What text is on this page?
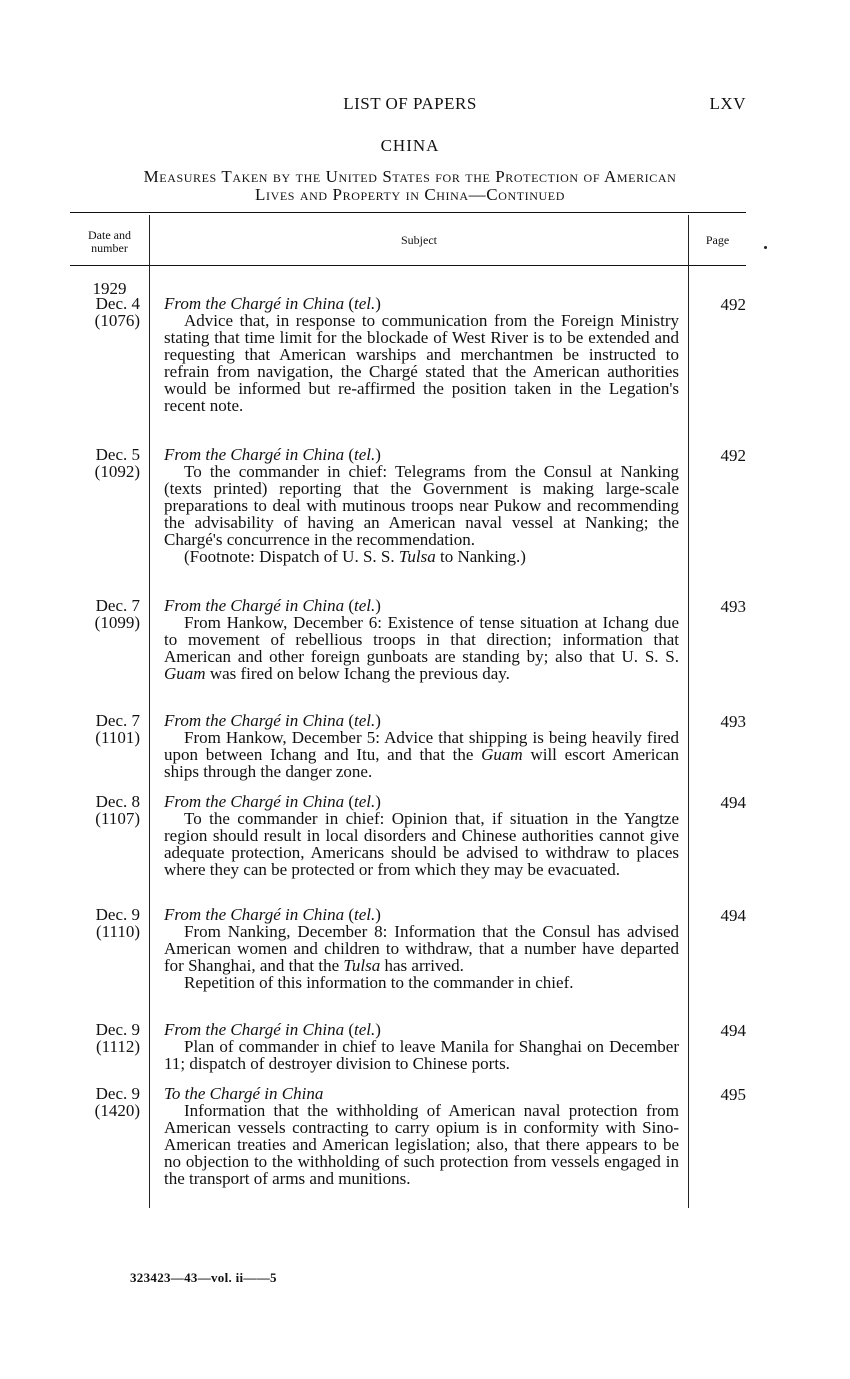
LIST OF PAPERS	LXV
CHINA
Measures Taken by the United States for the Protection of American
Lives and Property in China—Continued
Date and
number
Subject	Page
1929
Dec. 4
(1076)
From the Chargé in China (tel.)
Advice that, in response to communication from the Foreign Ministry stating that time limit for the blockade of West River is to be extended and requesting that American warships and merchantmen be instructed to refrain from navigation, the Chargé stated that the American authorities would be informed but re-affirmed the position taken in the Legation's recent note.
492
Dec. 5
(1092)
From the Chargé in China (tel.)
To the commander in chief: Telegrams from the Consul at Nanking (texts printed) reporting that the Government is making large-scale preparations to deal with mutinous troops near Pukow and recommending the advisability of having an American naval vessel at Nanking; the Chargé's concurrence in the recommendation.
(Footnote: Dispatch of U. S. S. Tulsa to Nanking.)
492
Dec. 7
(1099)
From the Chargé in China (tel.)
From Hankow, December 6: Existence of tense situation at Ichang due to movement of rebellious troops in that direction; information that American and other foreign gunboats are standing by; also that U. S. S. Guam was fired on below Ichang the previous day.
493
Dec. 7
(1101)
From the Chargé in China (tel.)
From Hankow, December 5: Advice that shipping is being heavily fired upon between Ichang and Itu, and that the Guam will escort American ships through the danger zone.
493
Dec. 8
(1107)
From the Chargé in China (tel.)
To the commander in chief: Opinion that, if situation in the Yangtze region should result in local disorders and Chinese authorities cannot give adequate protection, Americans should be advised to withdraw to places where they can be protected or from which they may be evacuated.
494
Dec. 9
(1110)
From the Chargé in China (tel.)
From Nanking, December 8: Information that the Consul has advised American women and children to withdraw, that a number have departed for Shanghai, and that the Tulsa has arrived.
Repetition of this information to the commander in chief.
494
Dec. 9
(1112)
From the Chargé in China (tel.)
Plan of commander in chief to leave Manila for Shanghai on December 11; dispatch of destroyer division to Chinese ports.
494
Dec. 9
(1420)
To the Chargé in China
Information that the withholding of American naval protection from American vessels contracting to carry opium is in conformity with Sino-American treaties and American legislation; also, that there appears to be no objection to the withholding of such protection from vessels engaged in the transport of arms and munitions.
495
323423—43—vol. ii——5
